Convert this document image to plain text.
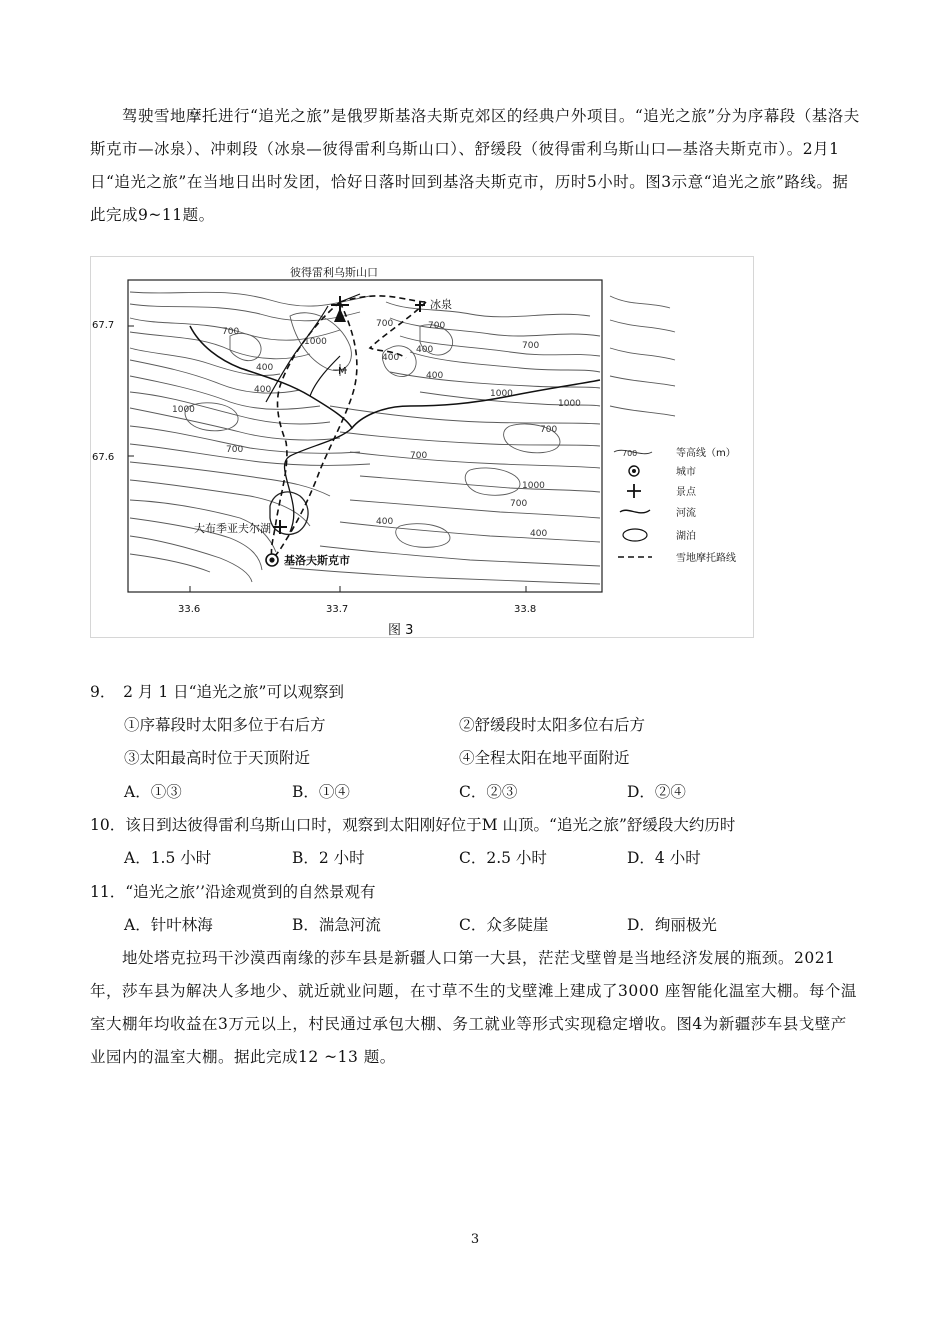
驾驶雪地摩托进行“追光之旅”是俄罗斯基洛夫斯克郊区的经典户外项目。“追光之旅”分为序幕段（基洛夫斯克市—冰泉）、冲刺段（冰泉—彼得雷利乌斯山口）、舒缓段（彼得雷利乌斯山口—基洛夫斯克市）。2月1日“追光之旅”在当地日出时发团，恰好日落时回到基洛夫斯克市，历时5小时。图3示意“追光之旅”路线。据此完成9~11题。
彼得雷利乌斯山口
冰泉
大布季亚夫尔湖
基洛夫斯克市
M
700
400
1000
700
400
400
700
1000
700
1000
700
700
1000
400
700
400
400
1000
700
400
67.7
67.6
33.6	33.7	33.8
图 3
700	等高线（m）
城市
景点
河流
湖泊
雪地摩托路线
9．　2 月 1 日“追光之旅”可以观察到
①序幕段时太阳多位于右后方	②舒缓段时太阳多位右后方
③太阳最高时位于天顶附近	④全程太阳在地平面附近
A．①③	B．①④	C．②③	D．②④
10．该日到达彼得雷利乌斯山口时，观察到太阳刚好位于M 山顶。“追光之旅”舒缓段大约历时
A．1.5 小时	B．2 小时	C．2.5 小时	D．4 小时
11．“追光之旅’’沿途观赏到的自然景观有
A．针叶林海	B．湍急河流	C．众多陡崖	D．绚丽极光
地处塔克拉玛干沙漠西南缘的莎车县是新疆人口第一大县，茫茫戈壁曾是当地经济发展的瓶颈。2021年，莎车县为解决人多地少、就近就业问题，在寸草不生的戈壁滩上建成了3000 座智能化温室大棚。每个温室大棚年均收益在3万元以上，村民通过承包大棚、务工就业等形式实现稳定增收。图4为新疆莎车县戈壁产业园内的温室大棚。据此完成12 ~13 题。
3
